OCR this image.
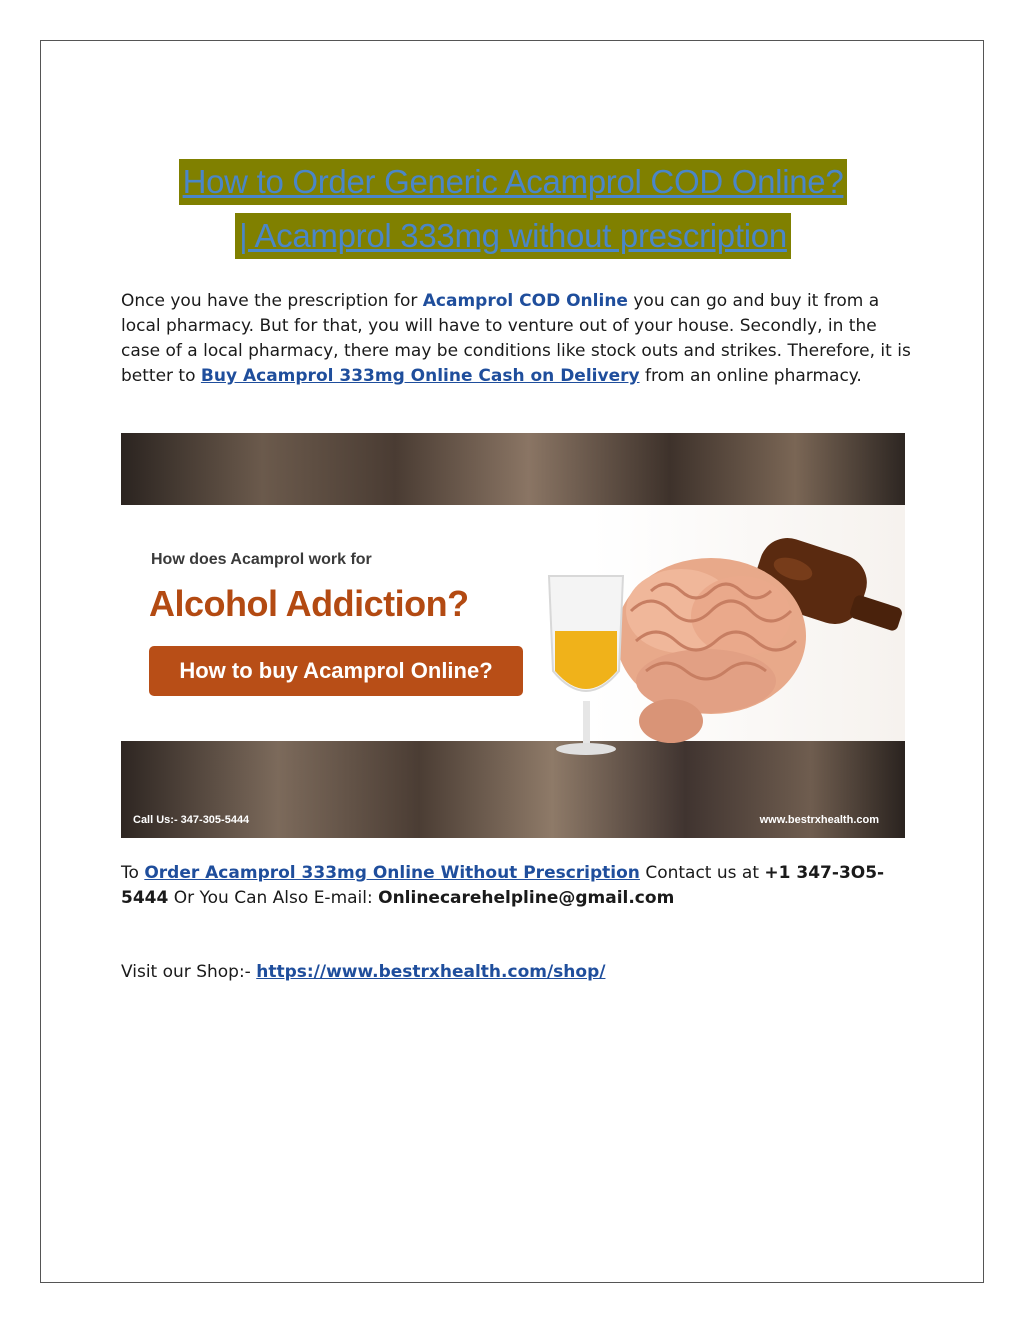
How to Order Generic Acamprol COD Online?
| Acamprol 333mg without prescription

Once you have the prescription for Acamprol COD Online you can go and buy it from a local pharmacy. But for that, you will have to venture out of your house. Secondly, in the case of a local pharmacy, there may be conditions like stock outs and strikes. Therefore, it is better to Buy Acamprol 333mg Online Cash on Delivery from an online pharmacy.

How does Acamprol work for
Alcohol Addiction?
How to buy Acamprol Online?
Call Us:- 347-305-5444	www.bestrxhealth.com

To Order Acamprol 333mg Online Without Prescription Contact us at +1 347-3O5-5444 Or You Can Also E-mail: Onlinecarehelpline@gmail.com

Visit our Shop:- https://www.bestrxhealth.com/shop/
